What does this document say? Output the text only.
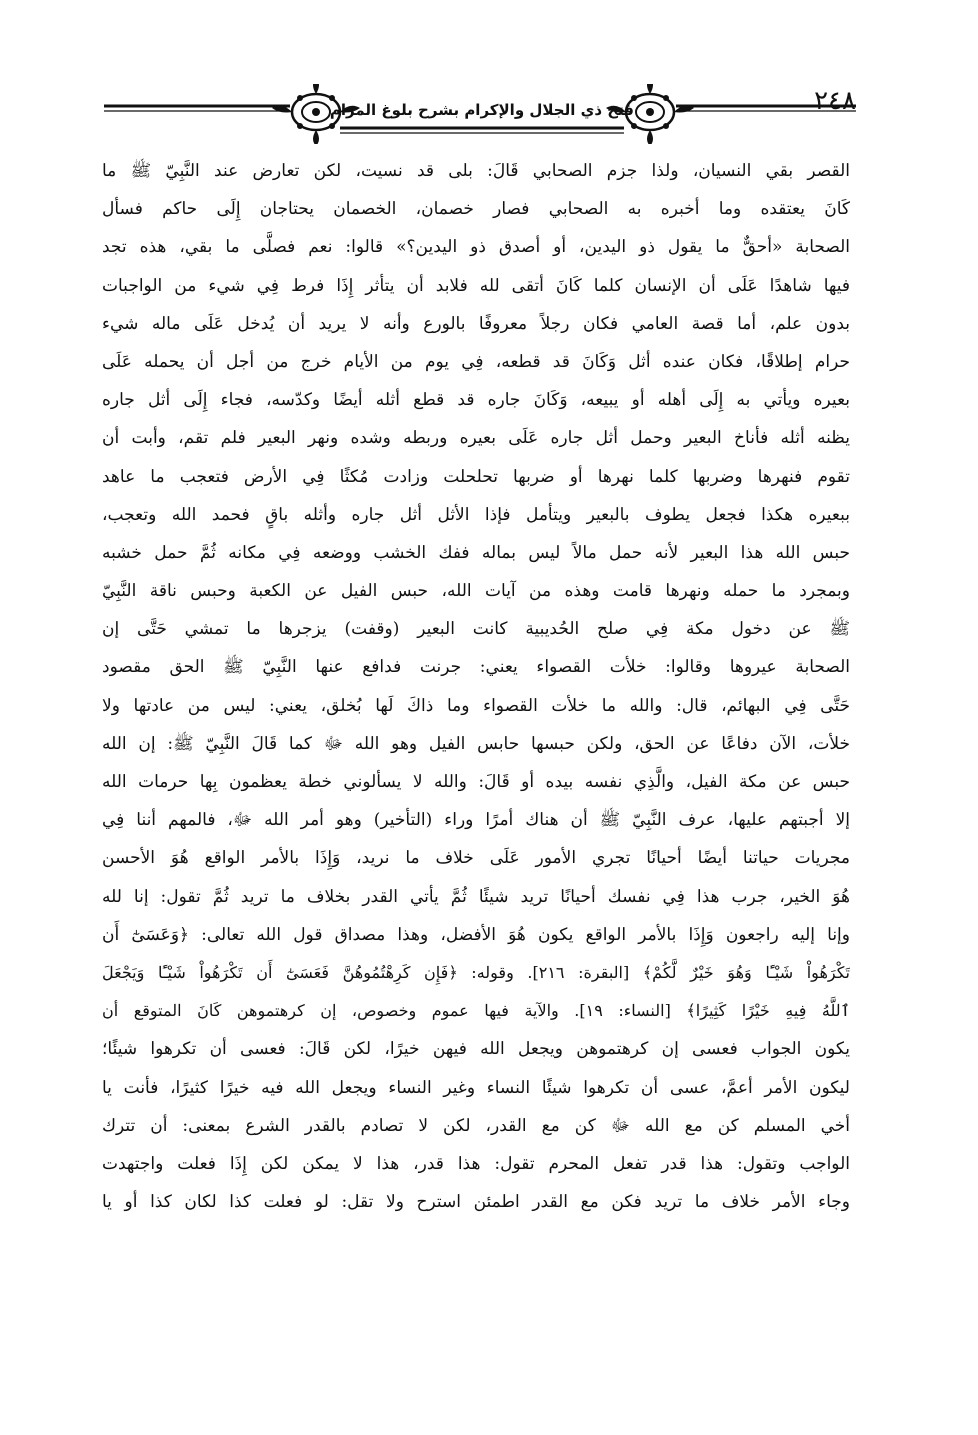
فتح ذي الجلال والإكرام بشرح بلوغ المرام	٢٤٨
القصر بقي النسيان، ولذا جزم الصحابي قَالَ: بلى قد نسيت، لكن تعارض عند النَّبِيّ ﷺ ما
كَانَ يعتقده وما أخبره به الصحابي فصار خصمان، الخصمان يحتاجان إِلَى حاكم فسأل
الصحابة «أحقٌّ ما يقول ذو اليدين، أو أصدق ذو اليدين؟» قالوا: نعم فصلَّى ما بقي، هذه تجد
فيها شاهدًا عَلَى أن الإنسان كلما كَانَ أتقى لله فلابد أن يتأثر إِذَا فرط فِي شيء من الواجبات
بدون علم، أما قصة العامي فكان رجلاً معروفًا بالورع وأنه لا يريد أن يُدخل عَلَى ماله شيء
حرام إطلاقًا، فكان عنده أثل وَكَانَ قد قطعه، فِي يوم من الأيام خرج من أجل أن يحمله عَلَى
بعيره ويأتي به إِلَى أهله أو يبيعه، وَكَانَ جاره قد قطع أثله أيضًا وكدّسه، فجاء إِلَى أثل جاره
يظنه أثله فأناخ البعير وحمل أثل جاره عَلَى بعيره وربطه وشده ونهر البعير فلم تقم، وأبت أن
تقوم فنهرها وضربها كلما نهرها أو ضربها تحلحلت وزادت مُكثًا فِي الأرض فتعجب ما عاهد
ببعيره هكذا فجعل يطوف بالبعير ويتأمل فإذا الأثل أثل جاره وأثله باقٍ فحمد الله وتعجب،
حبس الله هذا البعير لأنه حمل مالاً ليس بماله ففك الخشب ووضعه فِي مكانه ثُمَّ حمل خشبه
وبمجرد ما حمله ونهرها قامت وهذه من آيات الله، حبس الفيل عن الكعبة وحبس ناقة النَّبِيّ
ﷺ عن دخول مكة فِي صلح الحُديبية كانت البعير (وقفت) يزجرها ما تمشي حَتَّى إن
الصحابة عيروها وقالوا: خلأت القصواء يعني: جرنت فدافع عنها النَّبِيّ ﷺ الحق مقصود
حَتَّى فِي البهائم، قال: والله ما خلأت القصواء وما ذاكَ لَها بُخلق، يعني: ليس من عادتها ولا
خلأت، الآن دفاعًا عن الحق، ولكن حبسها حابس الفيل وهو الله ﷻ كما قَالَ النَّبِيّ ﷺ: إن الله
حبس عن مكة الفيل، والَّذِي نفسه بيده أو قَالَ: والله لا يسألوني خطة يعظمون بِها حرمات الله
إلا أجبتهم عليها، عرف النَّبِيّ ﷺ أن هناك أمرًا وراء (التأخير) وهو أمر الله ﷻ، فالمهم أننا فِي
مجريات حياتنا أيضًا أحيانًا تجري الأمور عَلَى خلاف ما نريد، وَإِذَا بالأمر الواقع هُوَ الأحسن
هُوَ الخير، جرب هذا فِي نفسك أحيانًا تريد شيئًا ثُمَّ يأتي القدر بخلاف ما تريد ثُمَّ تقول: إنا لله
وإنا إليه راجعون وَإِذَا بالأمر الواقع يكون هُوَ الأفضل، وهذا مصداق قول الله تعالى: ﴿وَعَسَىٰٓ أَن
تَكْرَهُواْ شَيْـًٔا وَهُوَ خَيْرٌ لَّكُمْ﴾ [البقرة: ٢١٦]. وقوله: ﴿فَإِن كَرِهْتُمُوهُنَّ فَعَسَىٰٓ أَن تَكْرَهُواْ شَيْـًٔا وَيَجْعَلَ
ٱللَّهُ فِيهِ خَيْرًا كَثِيرًا﴾ [النساء: ١٩]. والآية فيها عموم وخصوص، إن كرهتموهن كَانَ المتوقع أن
يكون الجواب فعسى إن كرهتموهن ويجعل الله فيهن خيرًا، لكن قَالَ: فعسى أن تكرهوا شيئًا؛
ليكون الأمر أعمَّ، عسى أن تكرهوا شيئًا النساء وغير النساء ويجعل الله فيه خيرًا كثيرًا، فأنت يا
أخي المسلم كن مع الله ﷻ كن مع القدر، لكن لا تصادم بالقدر الشرع بمعنى: أن تترك
الواجب وتقول: هذا قدر تفعل المحرم تقول: هذا قدر، هذا لا يمكن لكن إِذَا فعلت واجتهدت
وجاء الأمر خلاف ما تريد فكن مع القدر اطمئن استرح ولا تقل: لو فعلت كذا لكان كذا أو يا
